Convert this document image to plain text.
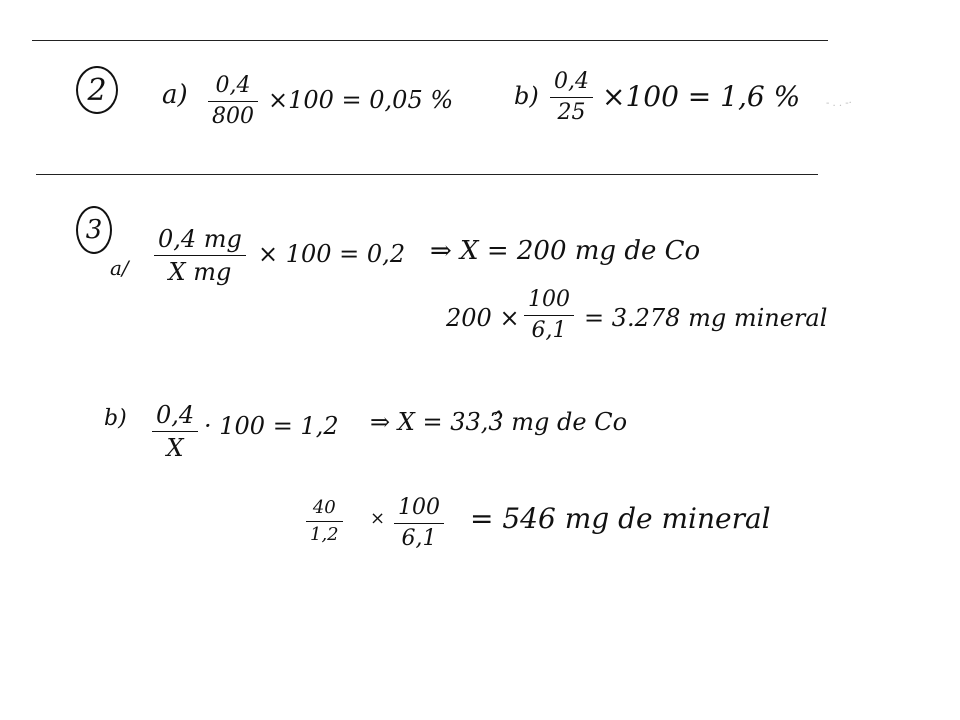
2 a) 0,4
800
×100 = 0,05 %	b)
0,4
25 ×100 = 1,6 %	- . . -·
3
a/
0,4 mg
X mg
× 100 = 0,2 ⇒ X = 200 mg de Co
200 ×
100
6,1 = 3.278 mg mineral
b) 0,4
X
· 100 = 1,2 ⇒ X = 33,3̂ mg de Co
40
1,2
× 100
6,1
= 546 mg de mineral
